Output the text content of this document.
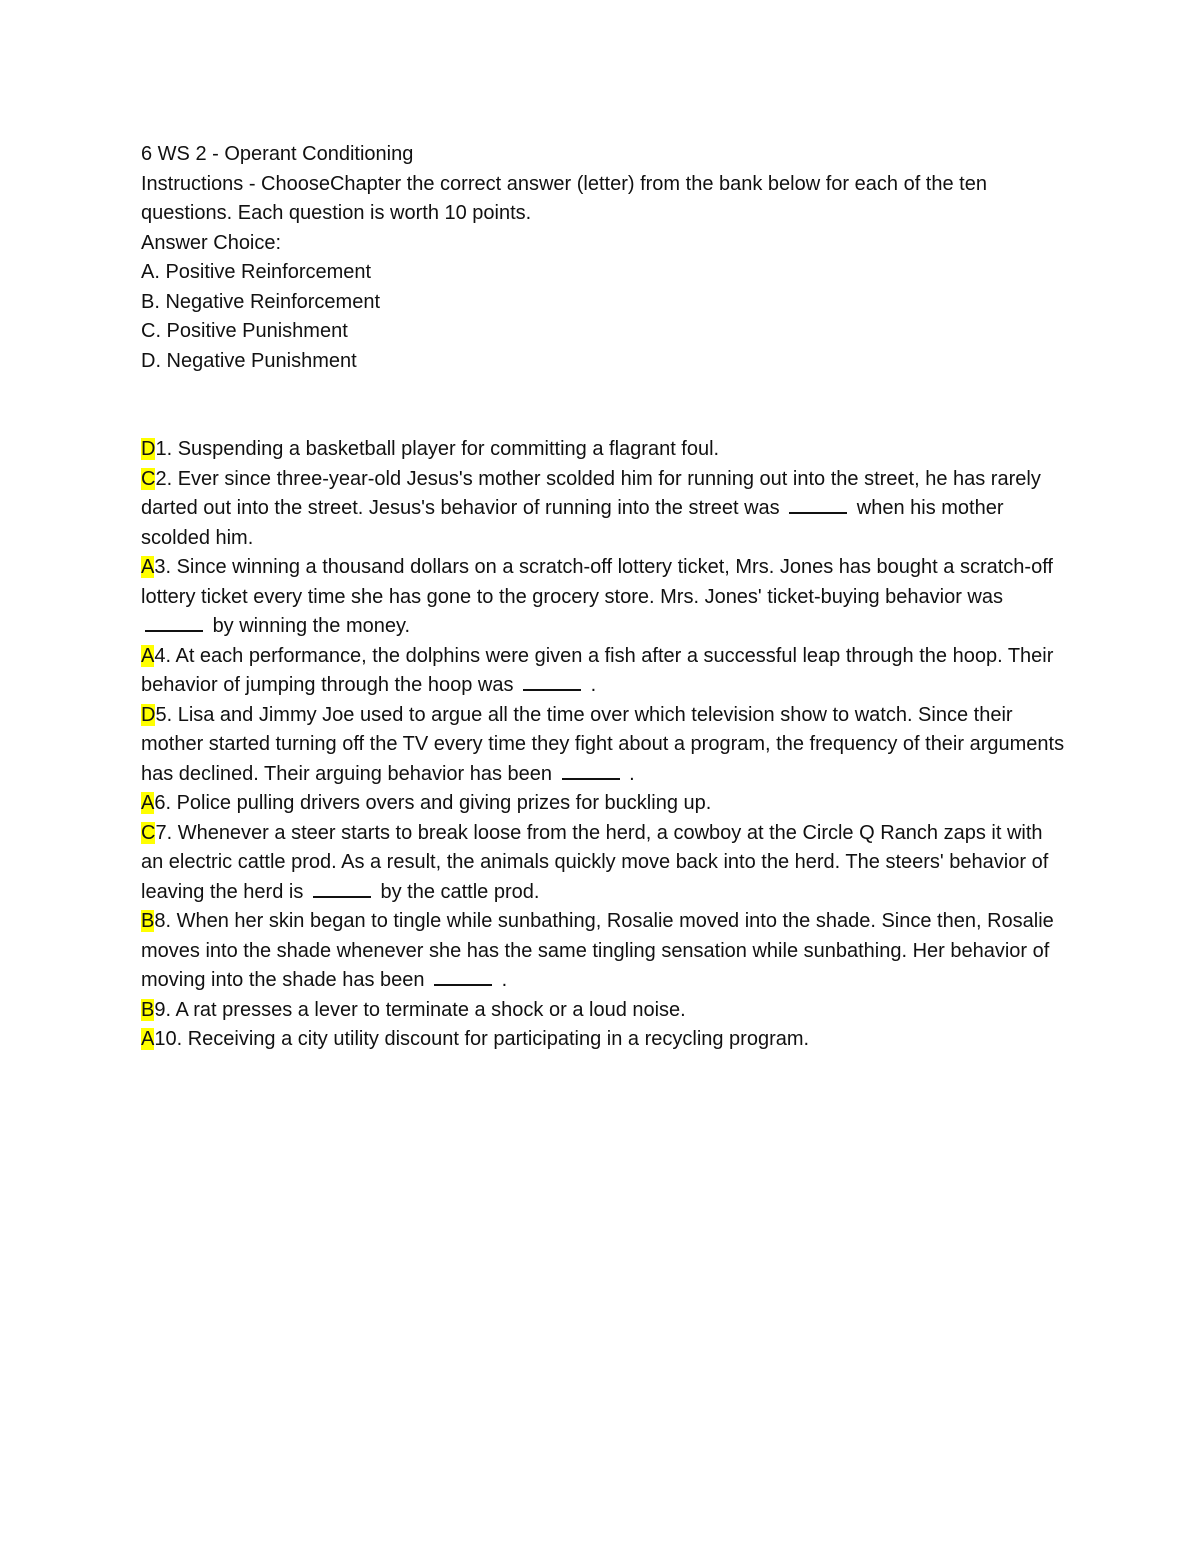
6 WS 2 - Operant Conditioning

Instructions - ChooseChapter the correct answer (letter) from the bank below for each of the ten questions. Each question is worth 10 points.

Answer Choice:

A. Positive Reinforcement

B. Negative Reinforcement

C. Positive Punishment

D. Negative Punishment

D1. Suspending a basketball player for committing a flagrant foul.

C2. Ever since three-year-old Jesus's mother scolded him for running out into the street, he has rarely darted out into the street. Jesus's behavior of running into the street was	when his mother scolded him.

A3. Since winning a thousand dollars on a scratch-off lottery ticket, Mrs. Jones has bought a scratch-off lottery ticket every time she has gone to the grocery store. Mrs. Jones' ticket-buying behavior was  by winning the money.

A4. At each performance, the dolphins were given a fish after a successful leap through the hoop. Their behavior of jumping through the hoop was	.

D5. Lisa and Jimmy Joe used to argue all the time over which television show to watch. Since their mother started turning off the TV every time they fight about a program, the frequency of their arguments has declined. Their arguing behavior has been	.

A6. Police pulling drivers overs and giving prizes for buckling up.

C7. Whenever a steer starts to break loose from the herd, a cowboy at the Circle Q Ranch zaps it with an electric cattle prod. As a result, the animals quickly move back into the herd. The steers' behavior of leaving the herd is	by the cattle prod.

B8. When her skin began to tingle while sunbathing, Rosalie moved into the shade. Since then, Rosalie moves into the shade whenever she has the same tingling sensation while sunbathing. Her behavior of moving into the shade has been	.

B9. A rat presses a lever to terminate a shock or a loud noise.

A10. Receiving a city utility discount for participating in a recycling program.
